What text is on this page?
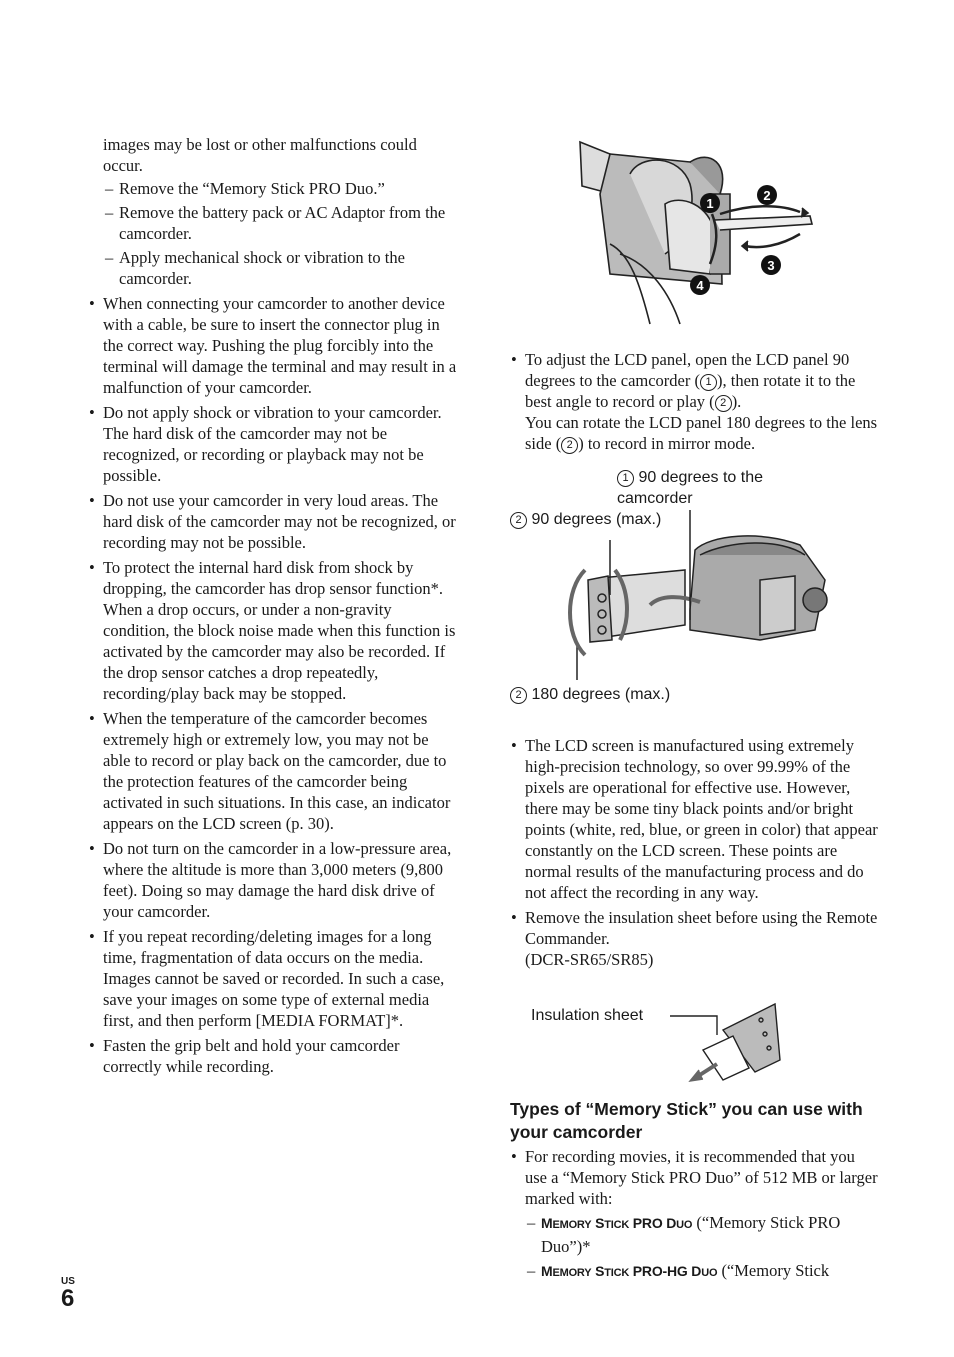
images may be lost or other malfunctions could occur.

– Remove the “Memory Stick PRO Duo.”

– Remove the battery pack or AC Adaptor from the camcorder.

– Apply mechanical shock or vibration to the camcorder.

• When connecting your camcorder to another device with a cable, be sure to insert the connector plug in the correct way. Pushing the plug forcibly into the terminal will damage the terminal and may result in a malfunction of your camcorder.

• Do not apply shock or vibration to your camcorder. The hard disk of the camcorder may not be recognized, or recording or playback may not be possible.

• Do not use your camcorder in very loud areas. The hard disk of the camcorder may not be recognized, or recording may not be possible.

• To protect the internal hard disk from shock by dropping, the camcorder has drop sensor function*. When a drop occurs, or under a non-gravity condition, the block noise made when this function is activated by the camcorder may also be recorded. If the drop sensor catches a drop repeatedly, recording/play back may be stopped.

• When the temperature of the camcorder becomes extremely high or extremely low, you may not be able to record or play back on the camcorder, due to the protection features of the camcorder being activated in such situations. In this case, an indicator appears on the LCD screen (p. 30).

• Do not turn on the camcorder in a low-pressure area, where the altitude is more than 3,000 meters (9,800 feet). Doing so may damage the hard disk drive of your camcorder.

• If you repeat recording/deleting images for a long time, fragmentation of data occurs on the media. Images cannot be saved or recorded. In such a case, save your images on some type of external media first, and then perform [MEDIA FORMAT]*.

• Fasten the grip belt and hold your camcorder correctly while recording.

1
2
3
4

• To adjust the LCD panel, open the LCD panel 90 degrees to the camcorder ( 1 ), then rotate it to the best angle to record or play ( 2 ).
You can rotate the LCD panel 180 degrees to the lens side ( 2 ) to record in mirror mode.

1 90 degrees to the camcorder
2 90 degrees (max.)
2 180 degrees (max.)

• The LCD screen is manufactured using extremely high-precision technology, so over 99.99% of the pixels are operational for effective use. However, there may be some tiny black points and/or bright points (white, red, blue, or green in color) that appear constantly on the LCD screen. These points are normal results of the manufacturing process and do not affect the recording in any way.

• Remove the insulation sheet before using the Remote Commander.
(DCR-SR65/SR85)

Insulation sheet
Types of “Memory Stick” you can use with your camcorder

• For recording movies, it is recommended that you use a “Memory Stick PRO Duo” of 512 MB or larger marked with:

– MEMORY STICK PRO DUO (“Memory Stick PRO Duo”)*

– MEMORY STICK PRO-HG DUO (“Memory Stick

US
6
